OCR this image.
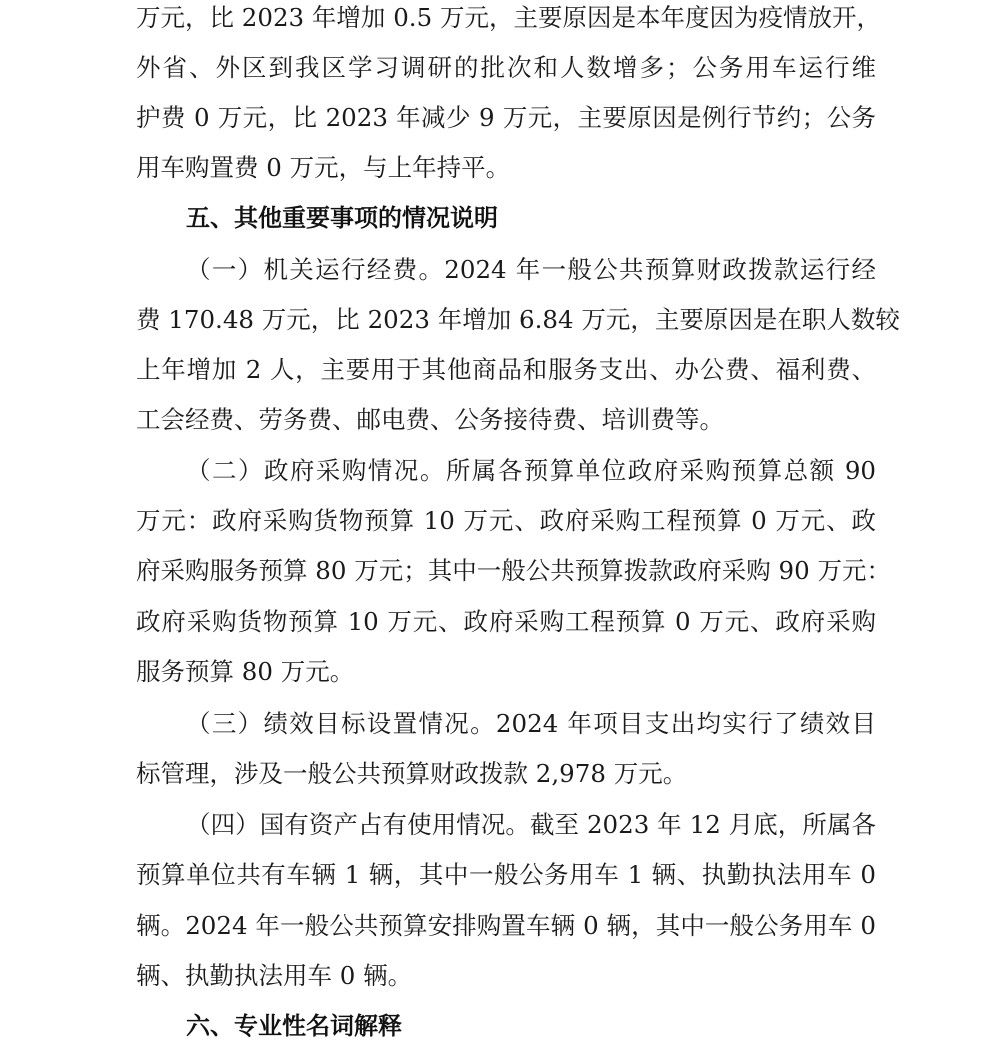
万元，比 2023 年增加 0.5 万元，主要原因是本年度因为疫情放开，
外省、外区到我区学习调研的批次和人数增多；公务用车运行维
护费 0 万元，比 2023 年减少 9 万元，主要原因是例行节约；公务
用车购置费 0 万元，与上年持平。
五、其他重要事项的情况说明
（一）机关运行经费。2024 年一般公共预算财政拨款运行经
费 170.48 万元，比 2023 年增加 6.84 万元，主要原因是在职人数较
上年增加 2 人，主要用于其他商品和服务支出、办公费、福利费、
工会经费、劳务费、邮电费、公务接待费、培训费等。
（二）政府采购情况。所属各预算单位政府采购预算总额 90
万元：政府采购货物预算 10 万元、政府采购工程预算 0 万元、政
府采购服务预算 80 万元；其中一般公共预算拨款政府采购 90 万元：
政府采购货物预算 10 万元、政府采购工程预算 0 万元、政府采购
服务预算 80 万元。
（三）绩效目标设置情况。2024 年项目支出均实行了绩效目
标管理，涉及一般公共预算财政拨款 2,978 万元。
（四）国有资产占有使用情况。截至 2023 年 12 月底，所属各
预算单位共有车辆 1 辆，其中一般公务用车 1 辆、执勤执法用车 0
辆。2024 年一般公共预算安排购置车辆 0 辆，其中一般公务用车 0
辆、执勤执法用车 0 辆。
六、专业性名词解释
